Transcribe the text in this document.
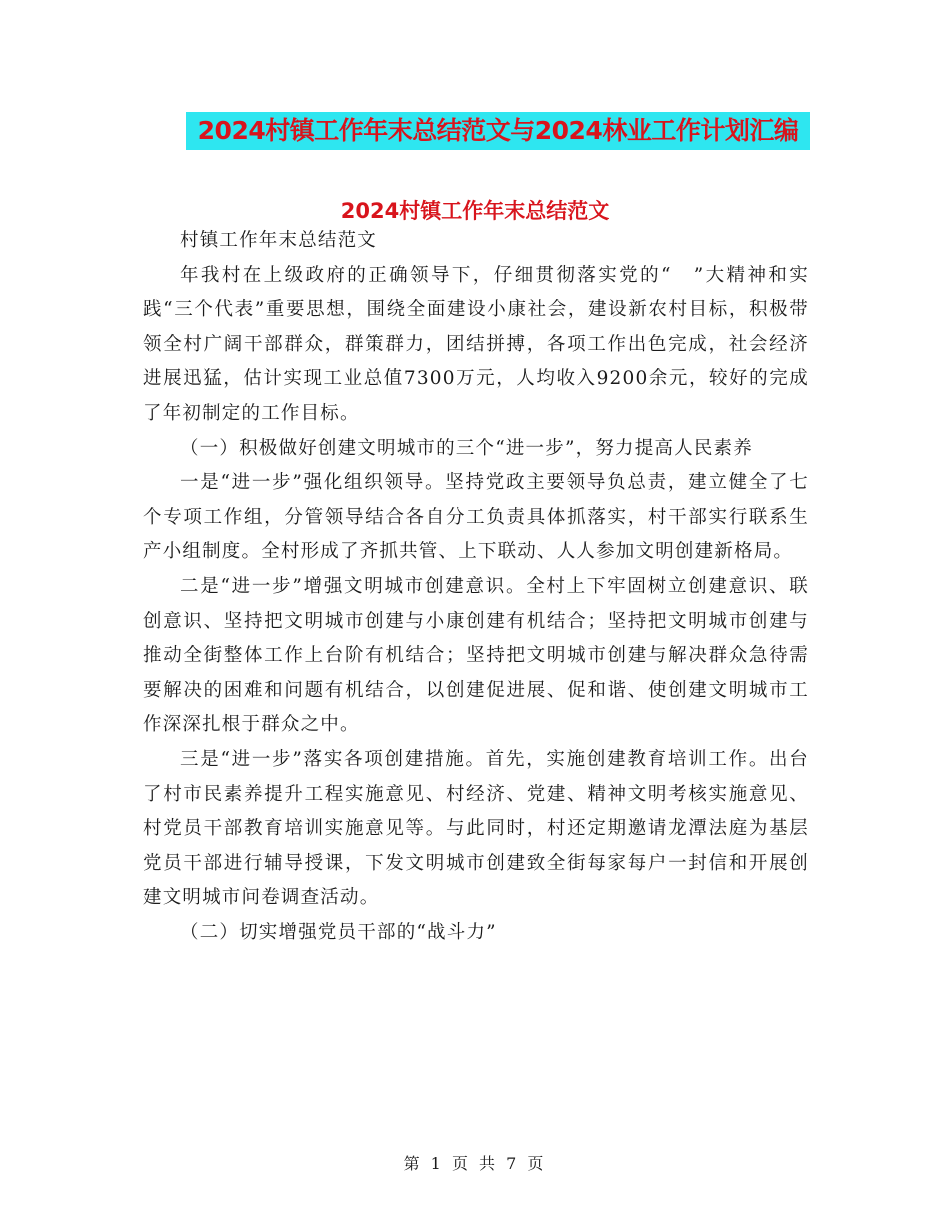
2024村镇工作年末总结范文与2024林业工作计划汇编
2024村镇工作年末总结范文

村镇工作年末总结范文

年我村在上级政府的正确领导下，仔细贯彻落实党的“　”大精神和实践“三个代表”重要思想，围绕全面建设小康社会，建设新农村目标，积极带领全村广阔干部群众，群策群力，团结拼搏，各项工作出色完成，社会经济进展迅猛，估计实现工业总值7300万元，人均收入9200余元，较好的完成了年初制定的工作目标。

（一）积极做好创建文明城市的三个“进一步”，努力提高人民素养

一是“进一步”强化组织领导。坚持党政主要领导负总责，建立健全了七个专项工作组，分管领导结合各自分工负责具体抓落实，村干部实行联系生产小组制度。全村形成了齐抓共管、上下联动、人人参加文明创建新格局。

二是“进一步”增强文明城市创建意识。全村上下牢固树立创建意识、联创意识、坚持把文明城市创建与小康创建有机结合；坚持把文明城市创建与推动全街整体工作上台阶有机结合；坚持把文明城市创建与解决群众急待需要解决的困难和问题有机结合，以创建促进展、促和谐、使创建文明城市工作深深扎根于群众之中。

三是“进一步”落实各项创建措施。首先，实施创建教育培训工作。出台了村市民素养提升工程实施意见、村经济、党建、精神文明考核实施意见、村党员干部教育培训实施意见等。与此同时，村还定期邀请龙潭法庭为基层党员干部进行辅导授课，下发文明城市创建致全街每家每户一封信和开展创建文明城市问卷调查活动。

（二）切实增强党员干部的“战斗力”

第 1 页 共 7 页
